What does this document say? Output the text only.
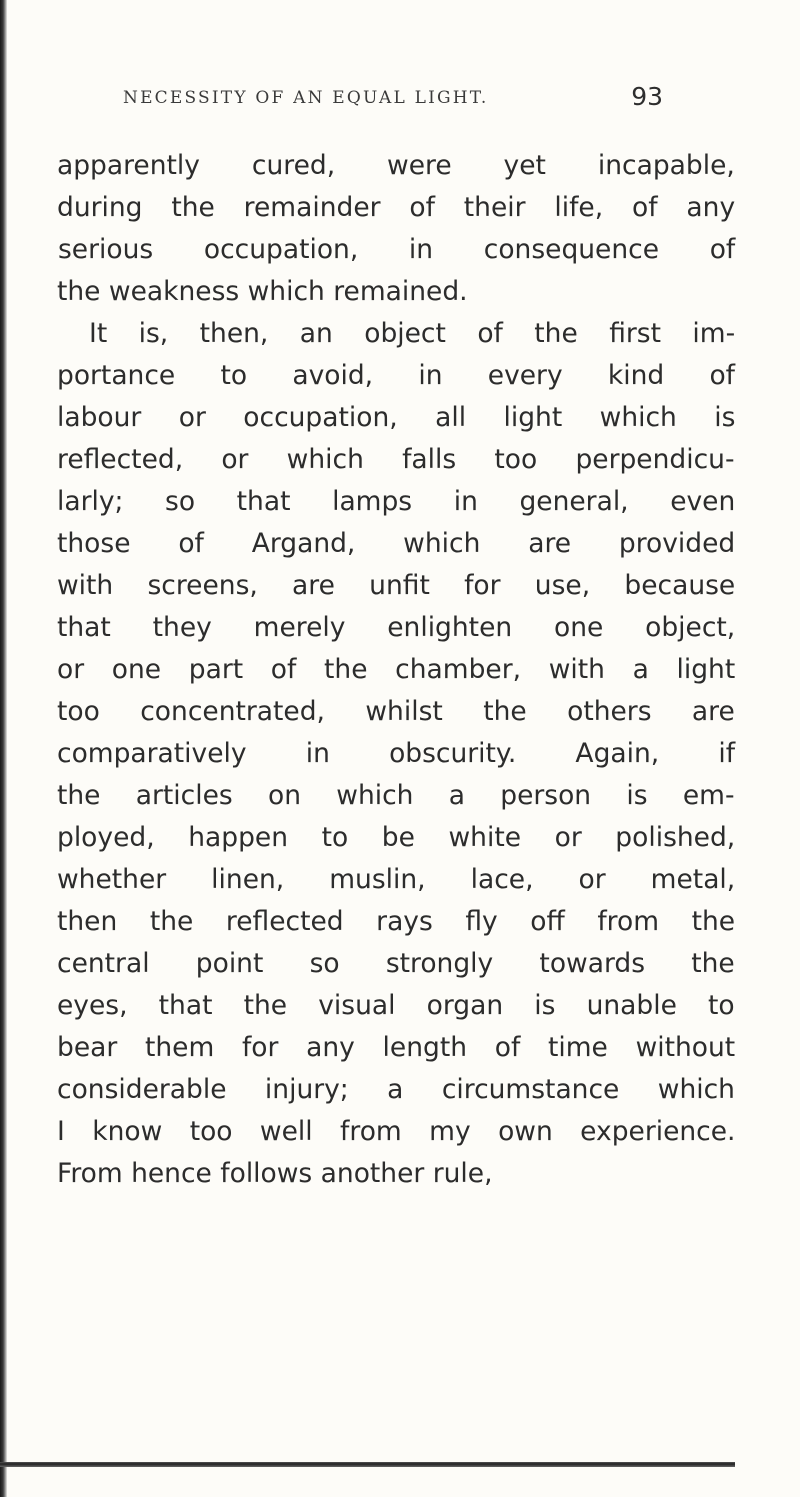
NECESSITY OF AN EQUAL LIGHT.	93
apparently cured, were yet incapable,
during the remainder of their life, of any
serious occupation, in consequence of
the weakness which remained.
It is, then, an object of the first im-
portance to avoid, in every kind of
labour or occupation, all light which is
reflected, or which falls too perpendicu-
larly; so that lamps in general, even
those of Argand, which are provided
with screens, are unfit for use, because
that they merely enlighten one object,
or one part of the chamber, with a light
too concentrated, whilst the others are
comparatively in obscurity. Again, if
the articles on which a person is em-
ployed, happen to be white or polished,
whether linen, muslin, lace, or metal,
then the reflected rays fly off from the
central point so strongly towards the
eyes, that the visual organ is unable to
bear them for any length of time without
considerable injury; a circumstance which
I know too well from my own experience.
From hence follows another rule,
